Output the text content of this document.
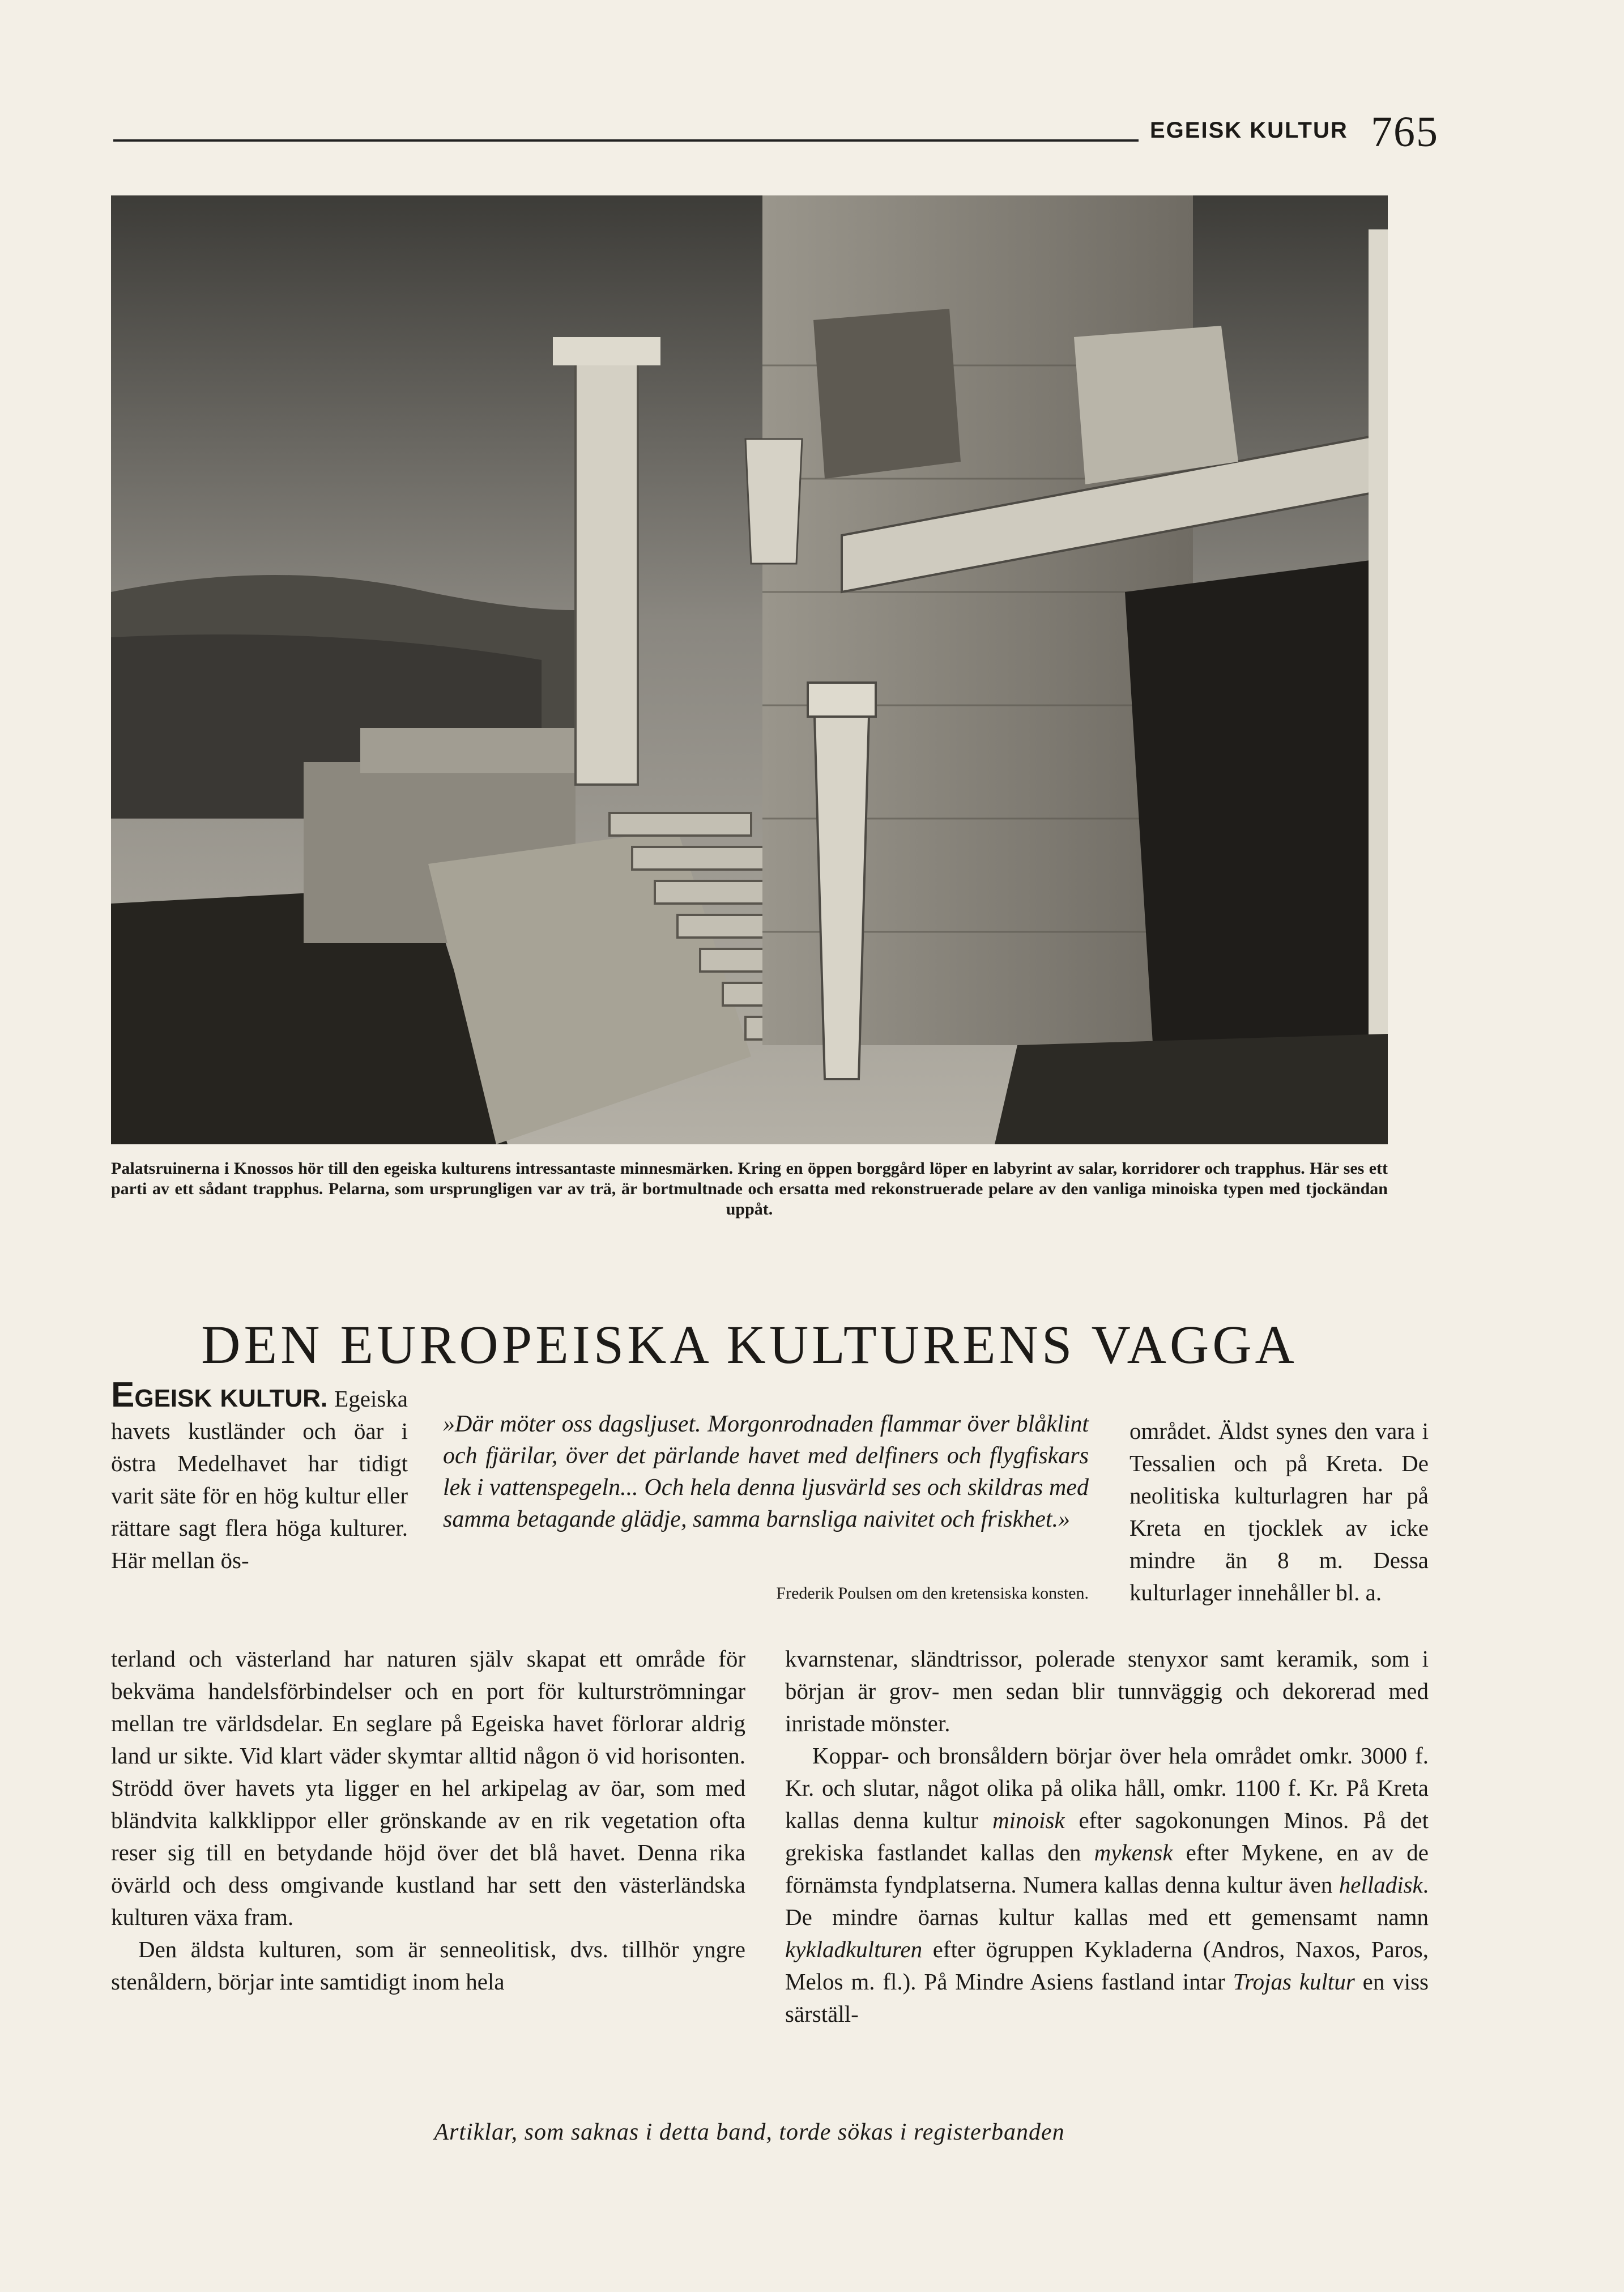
EGEISK KULTUR 765
Palatsruinerna i Knossos hör till den egeiska kulturens intressantaste minnesmärken. Kring en öppen borggård löper en labyrint av salar, korridorer och trapphus. Här ses ett parti av ett sådant trapphus. Pelarna, som ursprungligen var av trä, är bortmultnade och ersatta med rekonstruerade pelare av den vanliga minoiska typen med tjockändan uppåt.
DEN EUROPEISKA KULTURENS VAGGA
EGEISK KULTUR. Egeiska havets kustländer och öar i östra Medelhavet har tidigt varit säte för en hög kultur eller rättare sagt flera höga kulturer. Här mellan ös-
»Där möter oss dagsljuset. Morgonrodnaden flammar över blåklint och fjärilar, över det pärlande havet med delfiners och flygfiskars lek i vattenspegeln... Och hela denna ljusvärld ses och skildras med samma betagande glädje, samma barnsliga naivitet och friskhet.»
Frederik Poulsen om den kretensiska konsten.
området. Äldst synes den vara i Tessalien och på Kreta. De neolitiska kulturlagren har på Kreta en tjocklek av icke mindre än 8 m. Dessa kulturlager innehåller bl. a.

terland och västerland har naturen själv skapat ett område för bekväma handelsförbindelser och en port för kulturströmningar mellan tre världsdelar. En seglare på Egeiska havet förlorar aldrig land ur sikte. Vid klart väder skymtar alltid någon ö vid horisonten. Strödd över havets yta ligger en hel arkipelag av öar, som med bländvita kalkklippor eller grönskande av en rik vegetation ofta reser sig till en betydande höjd över det blå havet. Denna rika övärld och dess omgivande kustland har sett den västerländska kulturen växa fram.

Den äldsta kulturen, som är senneolitisk, dvs. tillhör yngre stenåldern, börjar inte samtidigt inom hela

kvarnstenar, sländtrissor, polerade stenyxor samt keramik, som i början är grov- men sedan blir tunnväggig och dekorerad med inristade mönster.

Koppar- och bronsåldern börjar över hela området omkr. 3000 f. Kr. och slutar, något olika på olika håll, omkr. 1100 f. Kr. På Kreta kallas denna kultur minoisk efter sagokonungen Minos. På det grekiska fastlandet kallas den mykensk efter Mykene, en av de förnämsta fyndplatserna. Numera kallas denna kultur även helladisk. De mindre öarnas kultur kallas med ett gemensamt namn kykladkulturen efter ögruppen Kykladerna (Andros, Naxos, Paros, Melos m. fl.). På Mindre Asiens fastland intar Trojas kultur en viss särställ-

Artiklar, som saknas i detta band, torde sökas i registerbanden
